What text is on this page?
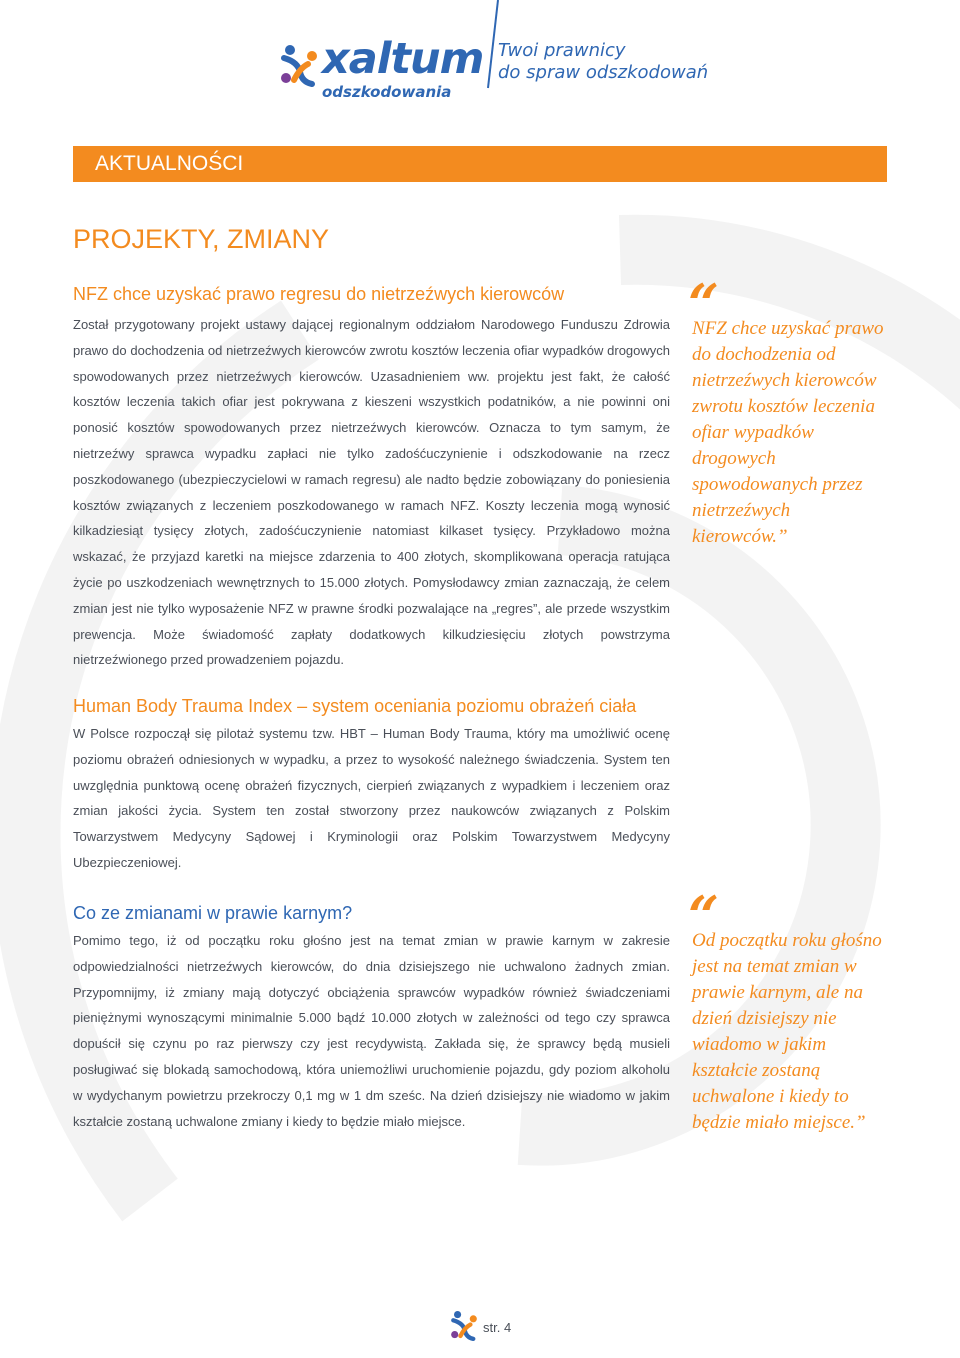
xaltum
odszkodowania
Twoi prawnicy
do spraw odszkodowań
AKTUALNOŚCI
PROJEKTY, ZMIANY
NFZ chce uzyskać prawo regresu do nietrzeźwych kierowców
Został przygotowany projekt ustawy dającej regionalnym oddziałom Narodowego Funduszu Zdrowia prawo do dochodzenia od nietrzeźwych kierowców zwrotu kosztów leczenia ofiar wypadków drogowych spowodowanych przez nietrzeźwych kierowców. Uzasadnieniem ww. projektu jest fakt, że całość kosztów leczenia takich ofiar jest pokrywana z kieszeni wszystkich podatników, a nie powinni oni ponosić kosztów spowodowanych przez nietrzeźwych kierowców. Oznacza to tym samym, że nietrzeźwy sprawca wypadku zapłaci nie tylko zadośćuczynienie i odszkodowanie na rzecz poszkodowanego (ubezpieczycielowi w ramach regresu) ale nadto będzie zobowiązany do poniesienia kosztów związanych z leczeniem poszkodowanego w ramach NFZ. Koszty leczenia mogą wynosić kilkadziesiąt tysięcy złotych, zadośćuczynienie natomiast kilkaset tysięcy. Przykładowo można wskazać, że przyjazd karetki na miejsce zdarzenia to 400 złotych, skomplikowana operacja ratująca życie po uszkodzeniach wewnętrznych to 15.000 złotych. Pomysłodawcy zmian zaznaczają, że celem zmian jest nie tylko wyposażenie NFZ w prawne środki pozwalające na „regres”, ale przede wszystkim prewencja. Może świadomość zapłaty dodatkowych kilkudziesięciu złotych powstrzyma nietrzeźwionego przed prowadzeniem pojazdu.
Human Body Trauma Index – system oceniania poziomu obrażeń ciała
W Polsce rozpoczął się pilotaż systemu tzw. HBT – Human Body Trauma, który ma umożliwić ocenę poziomu obrażeń odniesionych w wypadku, a przez to wysokość należnego świadczenia. System ten uwzględnia punktową ocenę obrażeń fizycznych, cierpień związanych z wypadkiem i leczeniem oraz zmian jakości życia. System ten został stworzony przez naukowców związanych z Polskim Towarzystwem Medycyny Sądowej i Kryminologii oraz Polskim Towarzystwem Medycyny Ubezpieczeniowej.
Co ze zmianami w prawie karnym?
Pomimo tego, iż od początku roku głośno jest na temat zmian w prawie karnym w zakresie odpowiedzialności nietrzeźwych kierowców, do dnia dzisiejszego nie uchwalono żadnych zmian. Przypomnijmy, iż zmiany mają dotyczyć obciążenia sprawców wypadków również świadczeniami pieniężnymi wynoszącymi minimalnie 5.000 bądź 10.000 złotych w zależności od tego czy sprawca dopuścił się czynu po raz pierwszy czy jest recydywistą. Zakłada się, że sprawcy będą musieli posługiwać się blokadą samochodową, która uniemożliwi uruchomienie pojazdu, gdy poziom alkoholu w wydychanym powietrzu przekroczy 0,1 mg w 1 dm sześc. Na dzień dzisiejszy nie wiadomo w jakim kształcie zostaną uchwalone zmiany i kiedy to będzie miało miejsce.
“
NFZ chce uzyskać prawo do dochodzenia od nietrzeźwych kierowców zwrotu kosztów leczenia ofiar wypadków drogowych spowodowanych przez nietrzeźwych kierowców.”
“
Od początku roku głośno jest na temat zmian w prawie karnym, ale na dzień dzisiejszy nie wiadomo w jakim kształcie zostaną uchwalone i kiedy to będzie miało miejsce.”
str. 4
